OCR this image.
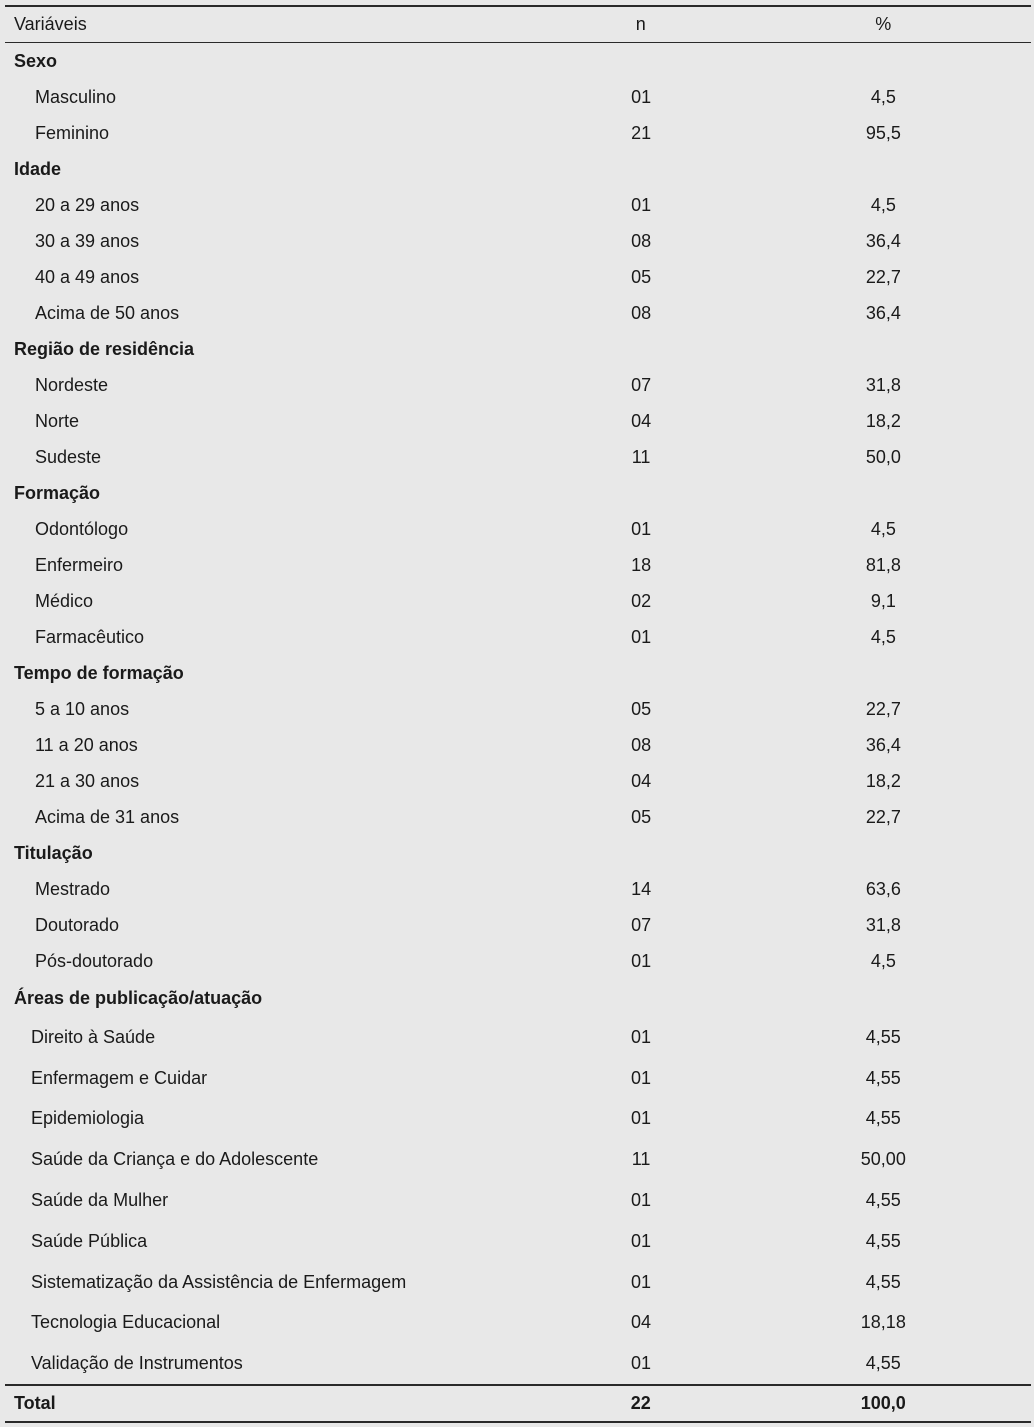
Variáveis	n	%
Sexo
Masculino	01	4,5
Feminino	21	95,5
Idade
20 a 29 anos	01	4,5
30 a 39 anos	08	36,4
40 a 49 anos	05	22,7
Acima de 50 anos	08	36,4
Região de residência
Nordeste	07	31,8
Norte	04	18,2
Sudeste	11	50,0
Formação
Odontólogo	01	4,5
Enfermeiro	18	81,8
Médico	02	9,1
Farmacêutico	01	4,5
Tempo de formação
5 a 10 anos	05	22,7
11 a 20 anos	08	36,4
21 a 30 anos	04	18,2
Acima de 31 anos	05	22,7
Titulação
Mestrado	14	63,6
Doutorado	07	31,8
Pós-doutorado	01	4,5
Áreas de publicação/atuação
Direito à Saúde	01	4,55
Enfermagem e Cuidar	01	4,55
Epidemiologia	01	4,55
Saúde da Criança e do Adolescente	11	50,00
Saúde da Mulher	01	4,55
Saúde Pública	01	4,55
Sistematização da Assistência de Enfermagem	01	4,55
Tecnologia Educacional	04	18,18
Validação de Instrumentos	01	4,55
Total	22	100,0
